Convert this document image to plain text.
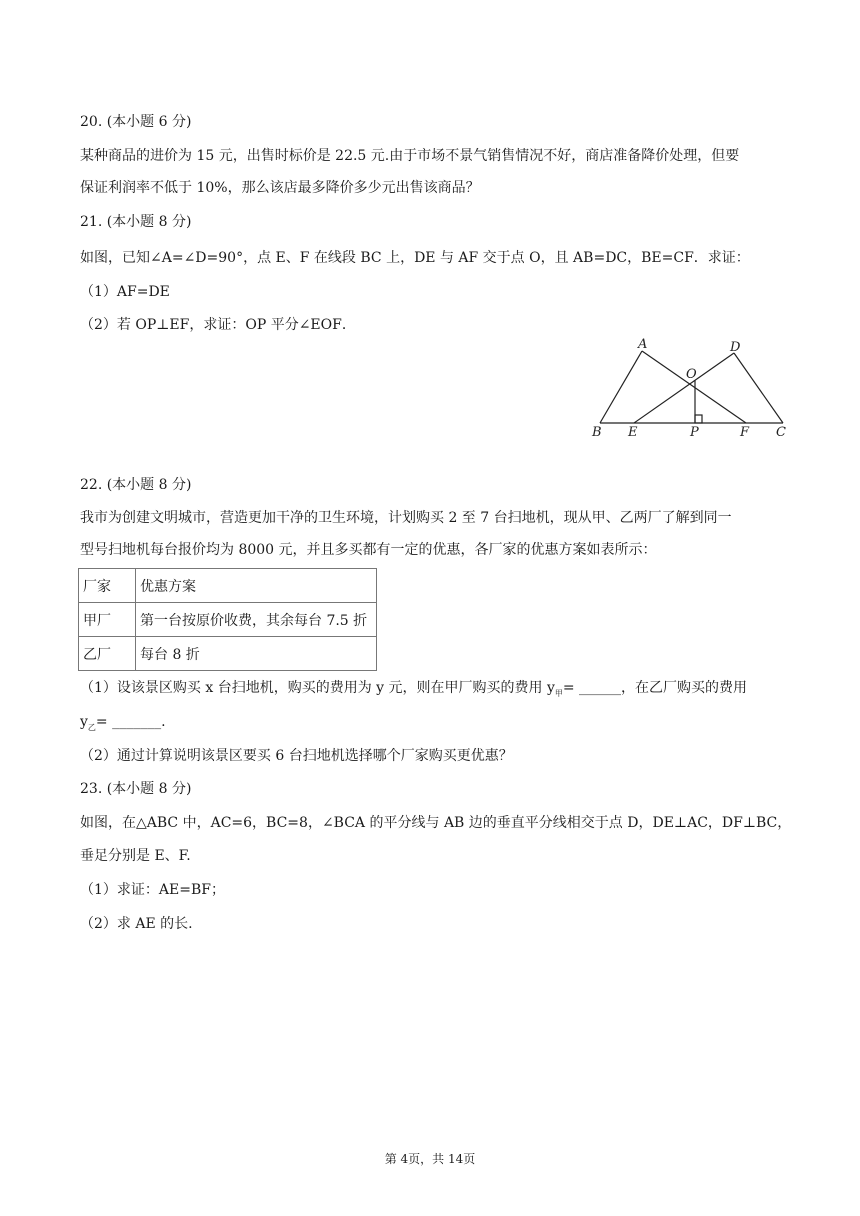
20. (本小题 6 分)
某种商品的进价为 15 元，出售时标价是 22.5 元.由于市场不景气销售情况不好，商店准备降价处理，但要
保证利润率不低于 10%，那么该店最多降价多少元出售该商品？
21. (本小题 8 分)
如图，已知∠A=∠D=90°，点 E、F 在线段 BC 上，DE 与 AF 交于点 O，且 AB=DC，BE=CF．求证：
（1）AF=DE
（2）若 OP⊥EF，求证：OP 平分∠EOF．
A	D
O
B E	P	F C
22. (本小题 8 分)
我市为创建文明城市，营造更加干净的卫生环境，计划购买 2 至 7 台扫地机，现从甲、乙两厂了解到同一
型号扫地机每台报价均为 8000 元，并且多买都有一定的优惠，各厂家的优惠方案如表所示：
厂家	优惠方案
甲厂	第一台按原价收费，其余每台 7.5 折
乙厂	每台 8 折
（1）设该景区购买 x 台扫地机，购买的费用为 y 元，则在甲厂购买的费用 $y_甲=$ ______，在乙厂购买的费用
$y_乙=$ _______.
（2）通过计算说明该景区要买 6 台扫地机选择哪个厂家购买更优惠？
23. (本小题 8 分)
如图，在△ABC 中，AC=6，BC=8，∠BCA 的平分线与 AB 边的垂直平分线相交于点 D，DE⊥AC，DF⊥BC，
垂足分别是 E、F.
（1）求证：AE=BF；
（2）求 AE 的长.
第 4页，共 14页
